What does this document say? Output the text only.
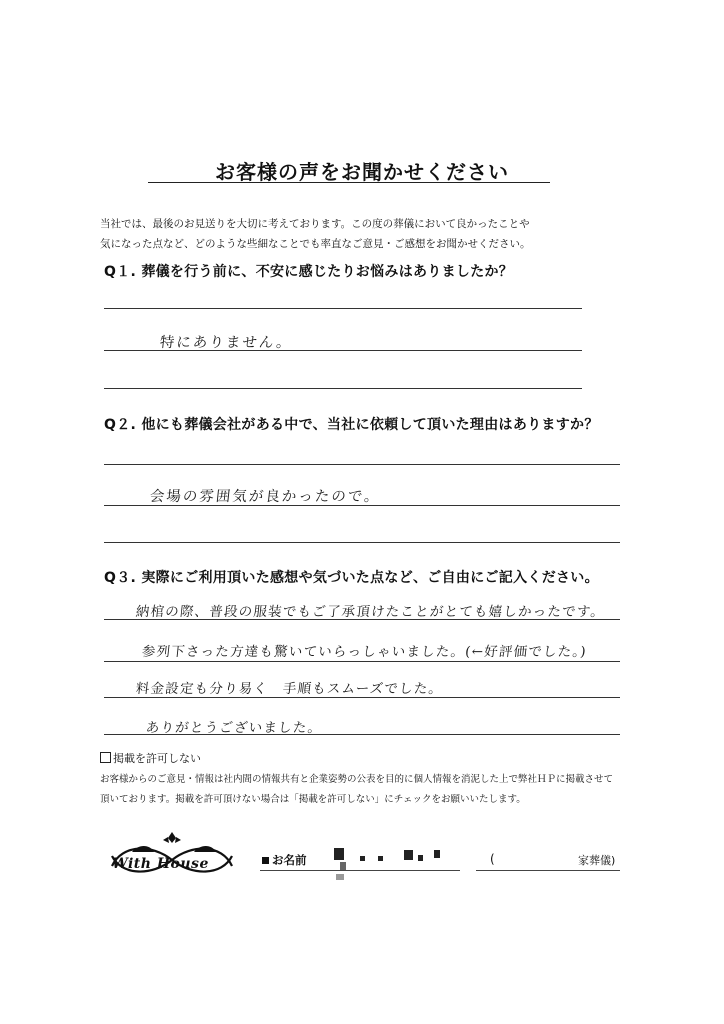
お客様の声をお聞かせください
当社では、最後のお見送りを大切に考えております。この度の葬儀において良かったことや
気になった点など、どのような些細なことでも率直なご意見・ご感想をお聞かせください。
Q１. 葬儀を行う前に、不安に感じたりお悩みはありましたか？
特にありません。
Q２. 他にも葬儀会社がある中で、当社に依頼して頂いた理由はありますか？
会場の雰囲気が良かったので。
Q３. 実際にご利用頂いた感想や気づいた点など、ご自由にご記入ください。
納棺の際、普段の服装でもご了承頂けたことがとても嬉しかったです。
参列下さった方達も驚いていらっしゃいました。(←好評価でした。)
料金設定も分り易く　手順もスムーズでした。
ありがとうございました。
掲載を許可しない
お客様からのご意見・情報は社内間の情報共有と企業姿勢の公表を目的に個人情報を消泥した上で弊社ＨＰに掲載させて
頂いております。掲載を許可頂けない場合は「掲載を許可しない」にチェックをお願いいたします。
With House	お名前	(	家葬儀)
